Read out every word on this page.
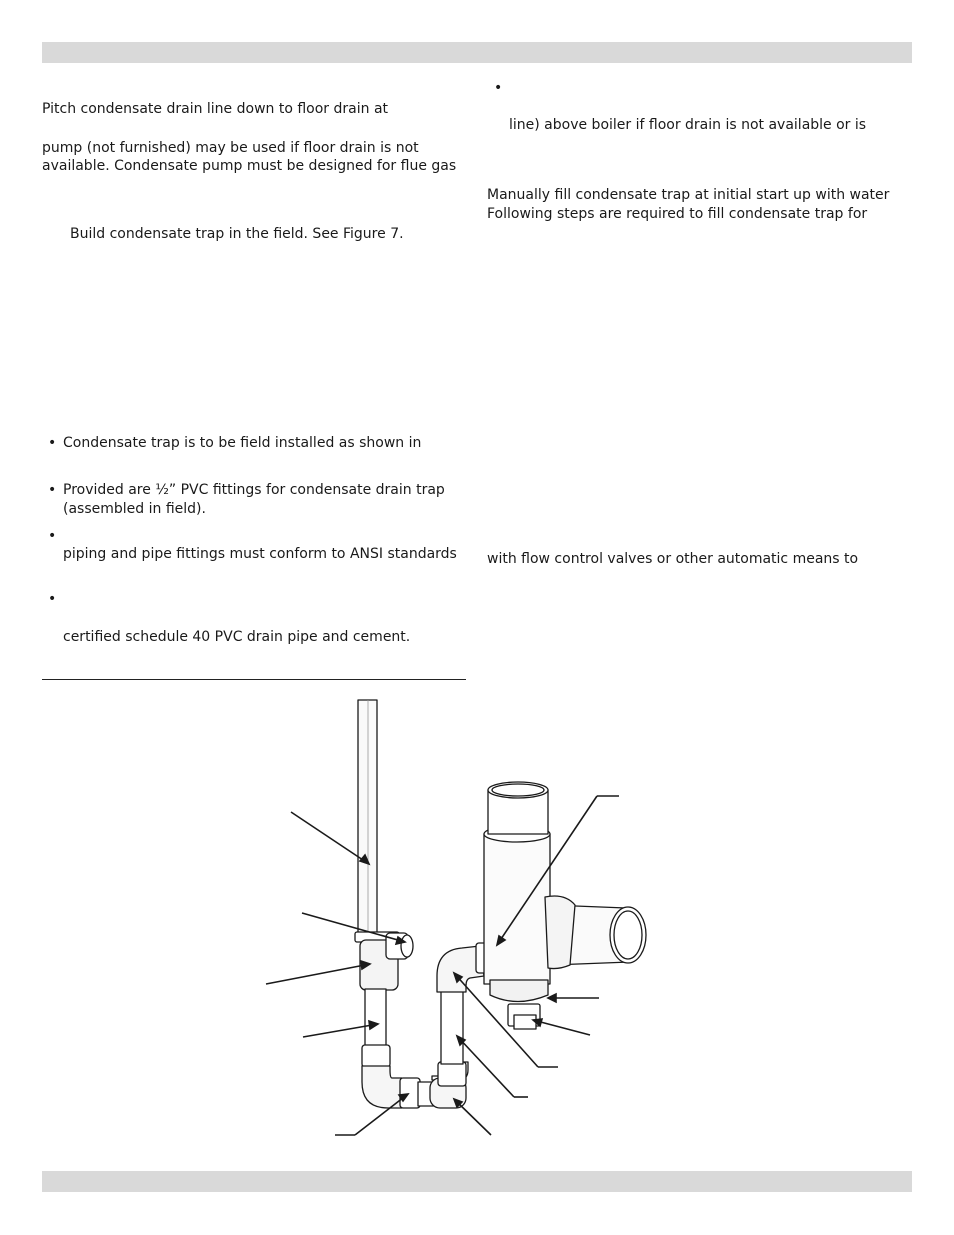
Pitch condensate drain line down to floor drain at
pump (not furnished) may be used if floor drain is not
available. Condensate pump must be designed for flue gas
Build condensate trap in the field. See Figure 7.
• Condensate trap is to be field installed as shown in
• Provided are ½” PVC fittings for condensate drain trap
(assembled in field).
•
piping and pipe fittings must conform to ANSI standards
•
certified schedule 40 PVC drain pipe and cement.
•
line) above boiler if floor drain is not available or is
Manually fill condensate trap at initial start up with water
Following steps are required to fill condensate trap for
with flow control valves or other automatic means to
